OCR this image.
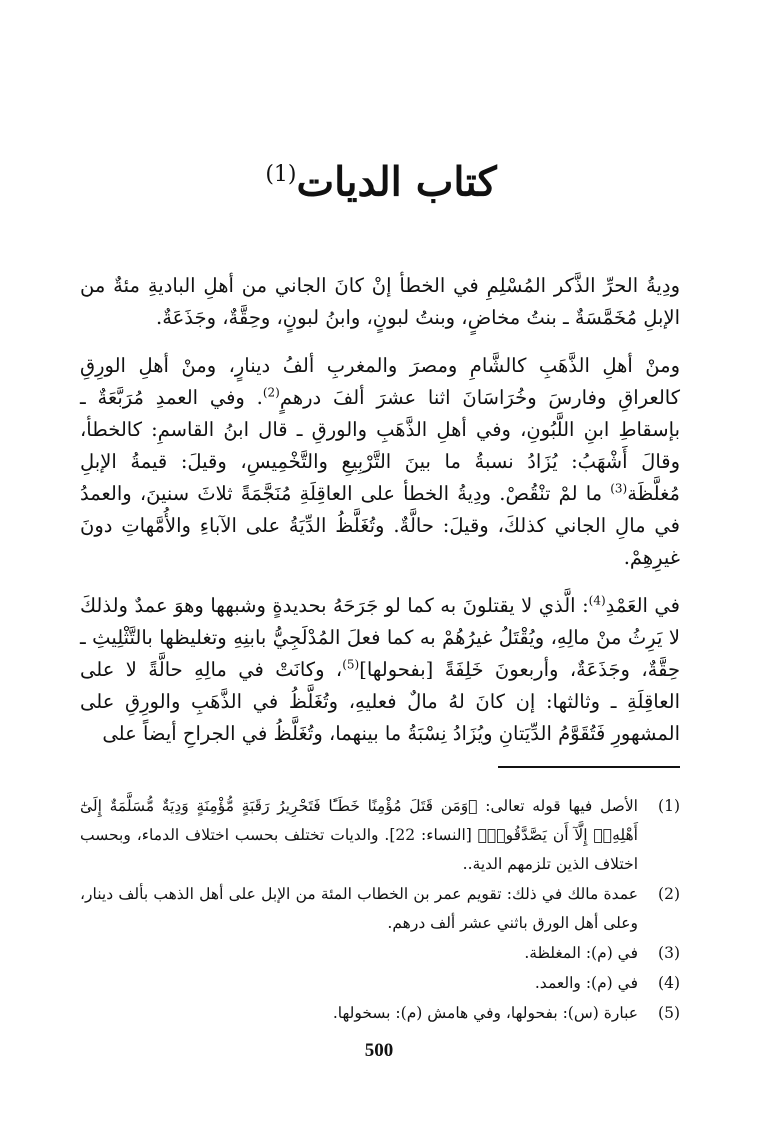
كتاب الديات$^{(1)}$

ودِيةُ الحرِّ الذَّكر المُسْلِمِ في الخطأ إنْ كانَ الجاني من أهلِ الباديةِ مئةٌ من الإبلِ مُخَمَّسَةٌ ـ بنتُ مخاضٍ، وبنتُ لبونٍ، وابنُ لبونٍ، وحِقَّةٌ، وجَذَعَةٌ.

ومنْ أهلِ الذَّهَبِ كالشَّامِ ومصرَ والمغربِ ألفُ دينارٍ، ومنْ أهلِ الورِقِ كالعراقِ وفارسَ وخُرَاسَانَ اثنا عشرَ ألفَ درهمٍ$^{(2)}$. وفي العمدِ مُرَبَّعَةٌ ـ بإسقاطِ ابنِ اللَّبُونِ، وفي أهلِ الذَّهَبِ والورقِ ـ قال ابنُ القاسمِ: كالخطأ، وقالَ أَشْهَبُ: يُزَادُ نسبةُ ما بينَ التَّرْبِيعِ والتَّخْمِيسِ، وقيلَ: قيمةُ الإبلِ مُغلَّظَة$^{(3)}$ ما لمْ تنْقُصْ. ودِيةُ الخطأ على العاقِلَةِ مُنَجَّمَةً ثلاثَ سنينَ، والعمدُ في مالِ الجاني كذلكَ، وقيلَ: حالَّةٌ. وتُغَلَّظُ الدِّيَةُ على الآباءِ والأُمَّهاتِ دونَ غيرِهِمْ.

في العَمْدِ$^{(4)}$: الَّذي لا يقتلونَ به كما لو جَرَحَهُ بحديدةٍ وشبهها وهوَ عمدٌ ولذلكَ لا يَرِثُ منْ مالِهِ، ويُقْتَلُ غيرُهُمْ به كما فعلَ المُدْلَجِيُّ بابنِهِ وتغليظها بالتَّثْلِيثِ ـ حِقَّةٌ، وجَذَعَةٌ، وأربعونَ خَلِفَةً [بفحولها]$^{(5)}$، وكانَتْ في مالِهِ حالَّةً لا على العاقِلَةِ ـ وثالثها: إن كانَ لهُ مالٌ فعليهِ، وتُغَلَّظُ في الذَّهَبِ والورِقِ على المشهورِ فَتُقَوَّمُ الدِّيَتانِ ويُزَادُ نِسْبَةُ ما بينهما، وتُغَلَّظُ في الجراحِ أيضاً على

(1)
الأصل فيها قوله تعالى: ﴿وَمَن قَتَلَ مُؤْمِنًا خَطَـًٔا فَتَحْرِيرُ رَقَبَةٍ مُّؤْمِنَةٍ وَدِيَةٌ مُّسَلَّمَةٌ إِلَىٰٓ أَهْلِهِۦٓ إِلَّآ أَن يَصَّدَّقُوا۟﴾ [النساء: 22]. والديات تختلف بحسب اختلاف الدماء، وبحسب اختلاف الذين تلزمهم الدية..
(2)
عمدة مالك في ذلك: تقويم عمر بن الخطاب المئة من الإبل على أهل الذهب بألف دينار، وعلى أهل الورق باثني عشر ألف درهم.
(3)
في (م): المغلظة.
(4)
في (م): والعمد.
(5)
عبارة (س): بفحولها، وفي هامش (م): بسخولها.
500
